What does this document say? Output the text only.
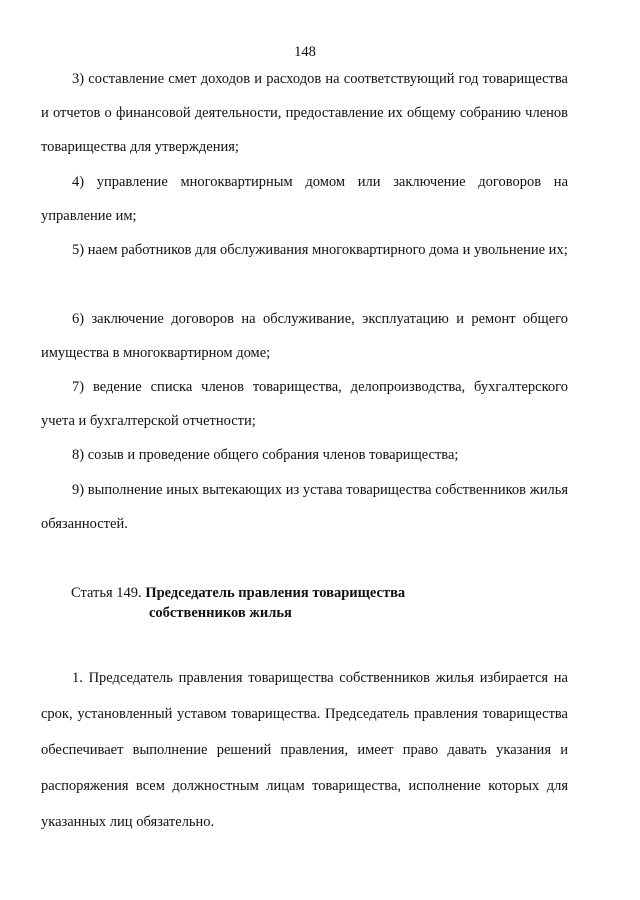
148

3) составление смет доходов и расходов на соответствующий год товарищества и отчетов о финансовой деятельности, предоставление их общему собранию членов товарищества для утверждения;

4) управление многоквартирным домом или заключение договоров на управление им;

5) наем работников для обслуживания многоквартирного дома и увольнение их;

6) заключение договоров на обслуживание, эксплуатацию и ремонт общего имущества в многоквартирном доме;

7) ведение списка членов товарищества, делопроизводства, бухгалтерского учета и бухгалтерской отчетности;

8) созыв и проведение общего собрания членов товарищества;

9) выполнение иных вытекающих из устава товарищества собственников жилья обязанностей.

Статья 149. Председатель правления товарищества
собственников жилья

1. Председатель правления товарищества собственников жилья избирается на срок, установленный уставом товарищества. Председатель правления товарищества обеспечивает выполнение решений правления, имеет право давать указания и распоряжения всем должностным лицам товарищества, исполнение которых для указанных лиц обязательно.
